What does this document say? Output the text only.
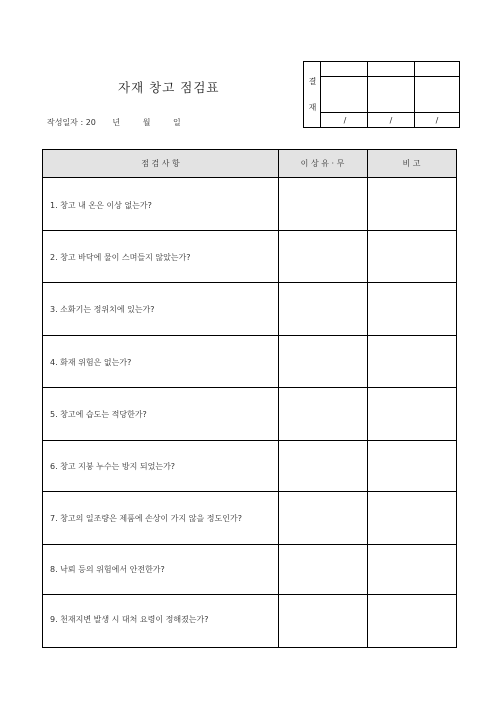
자재 창고 점검표
작성일자 : 20 년	월	일
결
재
/	/	/
점 검 사 항	이 상 유 · 무	비 고
1. 창고 내 온은 이상 없는가?
2. 창고 바닥에 물이 스며들지 않았는가?
3. 소화기는 정위치에 있는가?
4. 화재 위험은 없는가?
5. 창고에 습도는 적당한가?
6. 창고 지붕 누수는 방지 되었는가?
7. 창고의 일조량은 제품에 손상이 가지 않을 정도인가?
8. 낙뢰 등의 위험에서 안전한가?
9. 천재지변 발생 시 대처 요령이 정해졌는가?
